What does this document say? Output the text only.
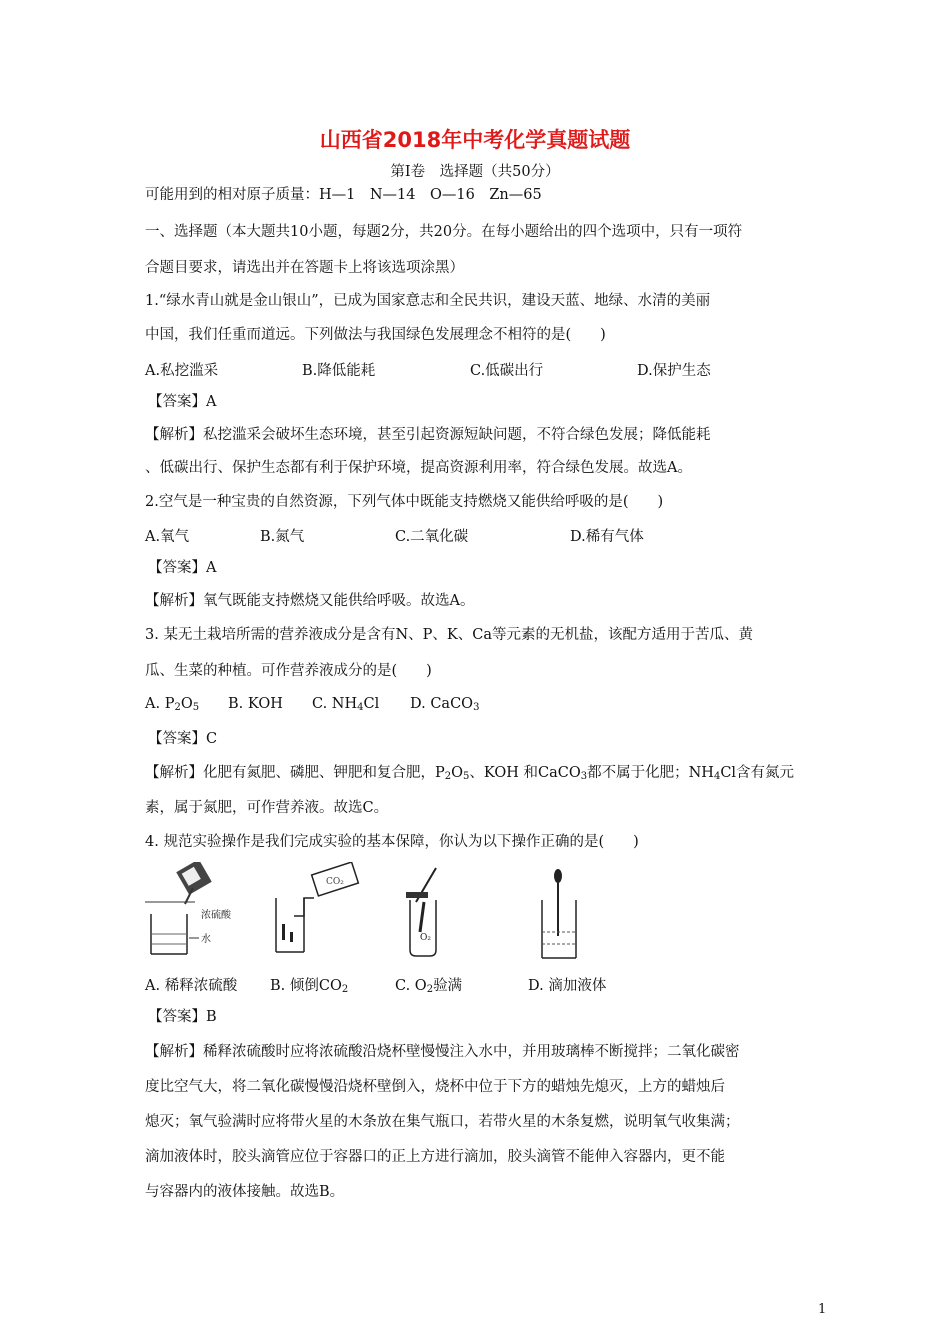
山西省2018年中考化学真题试题
第Ⅰ卷　选择题（共50分）
可能用到的相对原子质量：H—1　N—14　O—16　Zn—65
一、选择题（本大题共10小题，每题2分，共20分。在每小题给出的四个选项中，只有一项符
合题目要求，请选出并在答题卡上将该选项涂黑）
1.“绿水青山就是金山银山”，已成为国家意志和全民共识，建设天蓝、地绿、水清的美丽
中国，我们任重而道远。下列做法与我国绿色发展理念不相符的是(　　)
A.私挖滥采	B.降低能耗	C.低碳出行	D.保护生态
【答案】A
【解析】私挖滥采会破坏生态环境，甚至引起资源短缺问题，不符合绿色发展；降低能耗
、低碳出行、保护生态都有利于保护环境，提高资源利用率，符合绿色发展。故选A。
2.空气是一种宝贵的自然资源，下列气体中既能支持燃烧又能供给呼吸的是(　　)
A.氧气	B.氮气	C.二氧化碳	D.稀有气体
【答案】A
【解析】氧气既能支持燃烧又能供给呼吸。故选A。
3. 某无土栽培所需的营养液成分是含有N、P、K、Ca等元素的无机盐，该配方适用于苦瓜、黄
瓜、生菜的种植。可作营养液成分的是(　　)
A. $P_2O_5$ B. KOH C. $NH_4Cl$ D. CaCO$_3$
【答案】C
【解析】化肥有氮肥、磷肥、钾肥和复合肥，$P_2O_5$、KOH 和CaCO$_3$都不属于化肥；$NH_4Cl$含有氮元
素，属于氮肥，可作营养液。故选C。
4. 规范实验操作是我们完成实验的基本保障，你认为以下操作正确的是(　　)
浓硫酸
水
CO₂
O₂
A. 稀释浓硫酸 B. 倾倒$CO_2$	C. $O_2$验满	D. 滴加液体
【答案】B
【解析】稀释浓硫酸时应将浓硫酸沿烧杯壁慢慢注入水中，并用玻璃棒不断搅拌；二氧化碳密
度比空气大，将二氧化碳慢慢沿烧杯壁倒入，烧杯中位于下方的蜡烛先熄灭，上方的蜡烛后
熄灭；氧气验满时应将带火星的木条放在集气瓶口，若带火星的木条复燃，说明氧气收集满；
滴加液体时，胶头滴管应位于容器口的正上方进行滴加，胶头滴管不能伸入容器内，更不能
与容器内的液体接触。故选B。
1
